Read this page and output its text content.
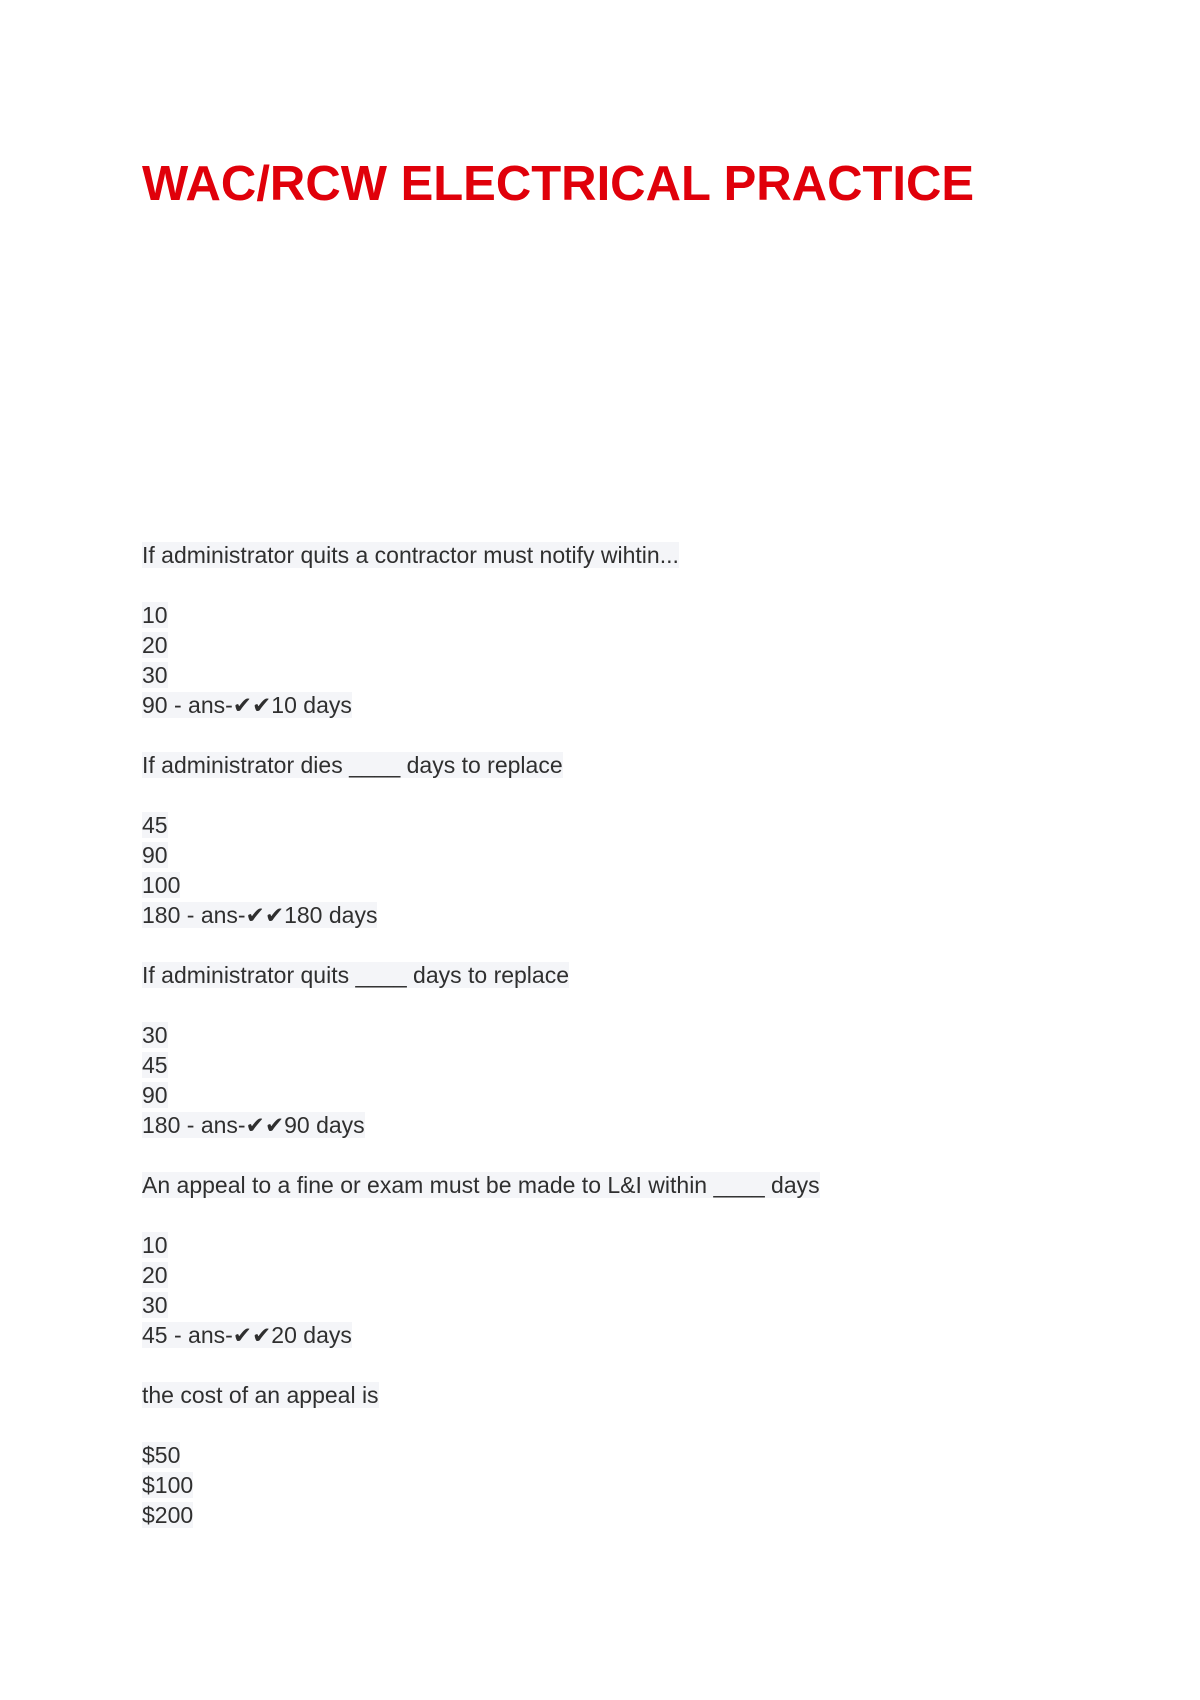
WAC/RCW ELECTRICAL PRACTICE

If administrator quits a contractor must notify wihtin...

10
20
30
90 - ans-✔✔10 days

If administrator dies ____ days to replace

45
90
100
180 - ans-✔✔180 days

If administrator quits ____ days to replace

30
45
90
180 - ans-✔✔90 days

An appeal to a fine or exam must be made to L&I within ____ days

10
20
30
45 - ans-✔✔20 days

the cost of an appeal is

$50
$100
$200
